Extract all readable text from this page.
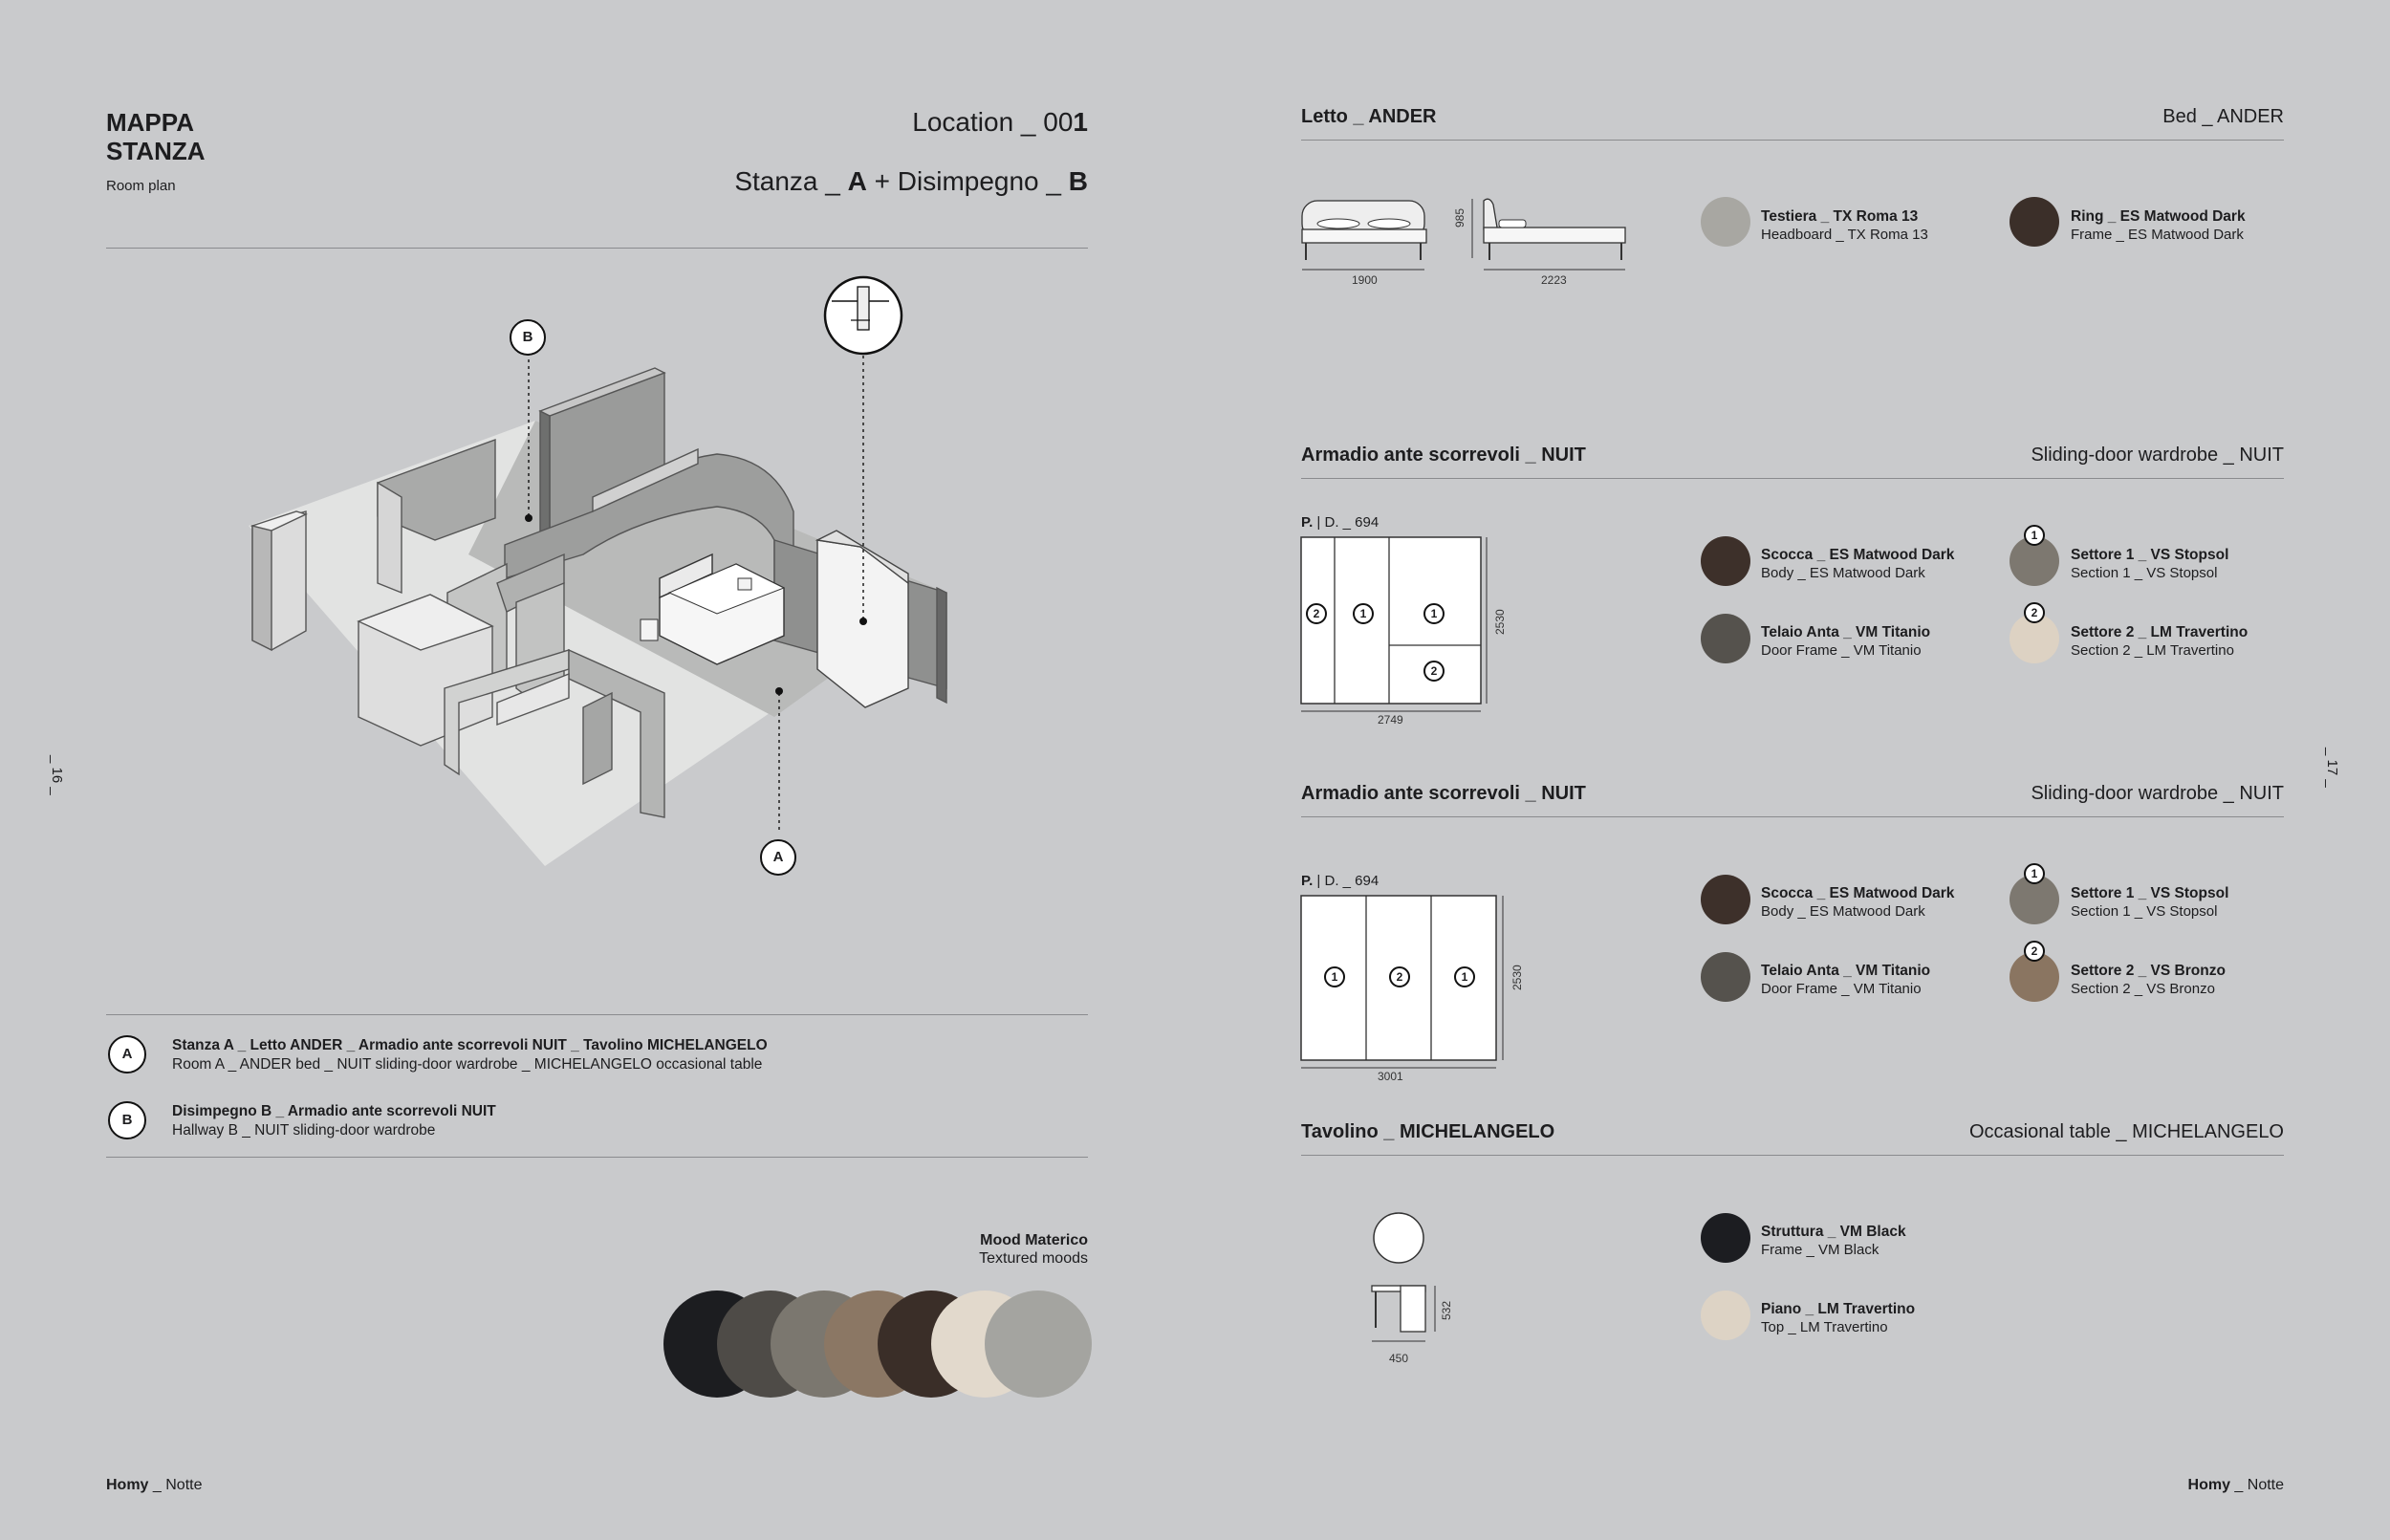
MAPPA
STANZA
Room plan
Location _ 001
Stanza _ A + Disimpegno _ B
B
A
A
Stanza A _ Letto ANDER _ Armadio ante scorrevoli NUIT _ Tavolino MICHELANGELO
Room A _ ANDER bed _ NUIT sliding-door wardrobe _ MICHELANGELO occasional table
B
Disimpegno B _ Armadio ante scorrevoli NUIT
Hallway B _ NUIT sliding-door wardrobe
Mood Materico
Textured moods
_ 16 _
Homy _ Notte
Letto _ ANDER	Bed _ ANDER
1900	2223
985	Testiera _ TX Roma 13
Headboard _ TX Roma 13
Ring _ ES Matwood Dark
Frame _ ES Matwood Dark
Armadio ante scorrevoli _ NUIT	Sliding-door wardrobe _ NUIT
P. | D. _ 694
2	1	1
2
2749
2530
Scocca _ ES Matwood Dark
Body _ ES Matwood Dark
1
Settore 1 _ VS Stopsol
Section 1 _ VS Stopsol
Telaio Anta _ VM Titanio
Door Frame _ VM Titanio
2
Settore 2 _ LM Travertino
Section 2 _ LM Travertino
Armadio ante scorrevoli _ NUIT	Sliding-door wardrobe _ NUIT
P. | D. _ 694
1	2	1
3001
2530
Scocca _ ES Matwood Dark
Body _ ES Matwood Dark
1
Settore 1 _ VS Stopsol
Section 1 _ VS Stopsol
Telaio Anta _ VM Titanio
Door Frame _ VM Titanio
2
Settore 2 _ VS Bronzo
Section 2 _ VS Bronzo
Tavolino _ MICHELANGELO	Occasional table _ MICHELANGELO
450
532
Struttura _ VM Black
Frame _ VM Black
Piano _ LM Travertino
Top _ LM Travertino
_ 17 _
Homy _ Notte
